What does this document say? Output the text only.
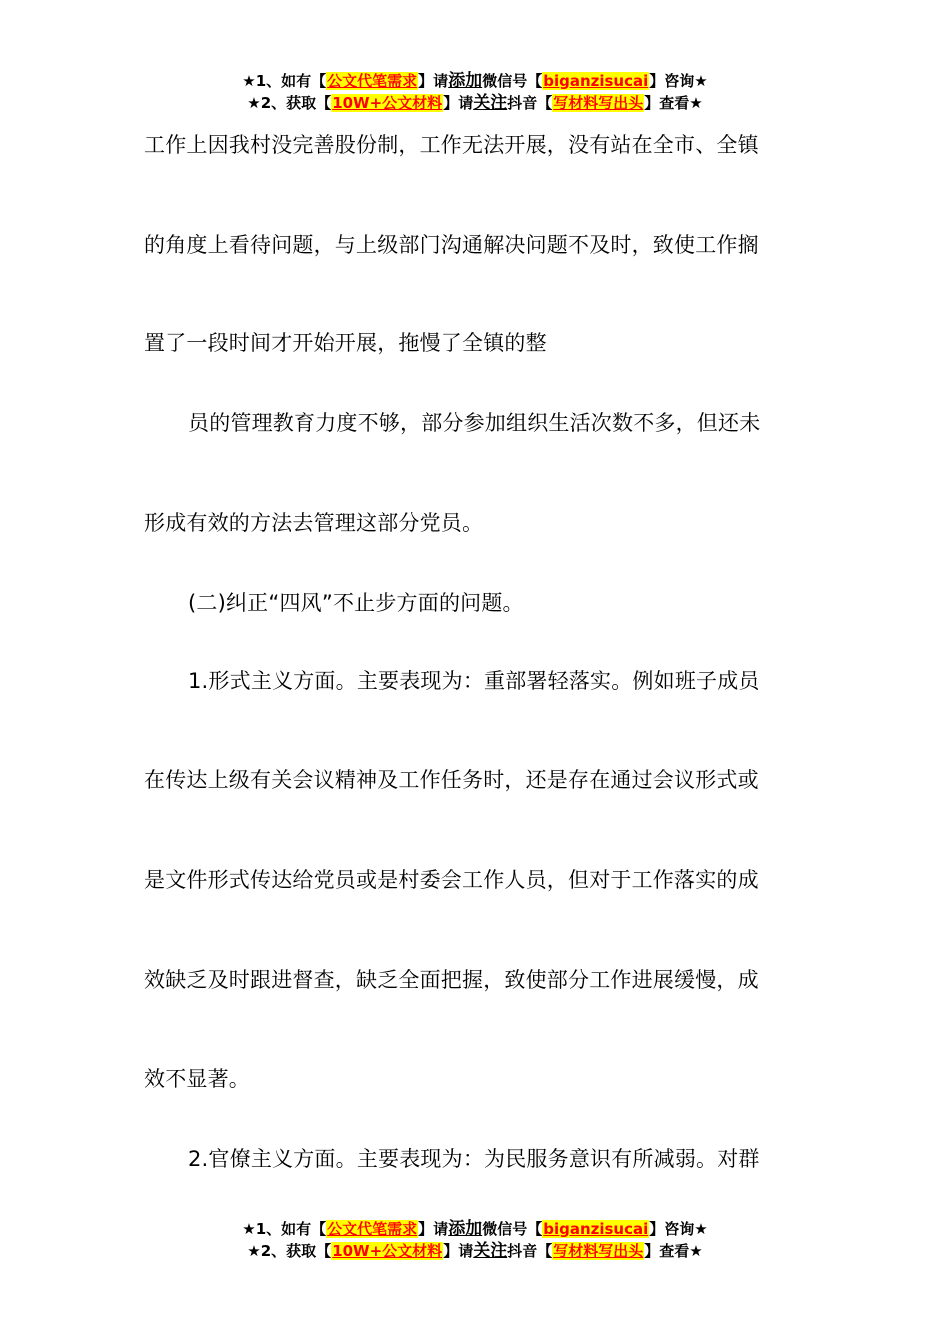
★1、如有【公文代笔需求】请添加微信号【biganzisucai】咨询★
★2、获取【10W+公文材料】请关注抖音【写材料写出头】查看★
工作上因我村没完善股份制，工作无法开展，没有站在全市、全镇
的角度上看待问题，与上级部门沟通解决问题不及时，致使工作搁
置了一段时间才开始开展，拖慢了全镇的整
员的管理教育力度不够，部分参加组织生活次数不多，但还未
形成有效的方法去管理这部分党员。
(二)纠正“四风”不止步方面的问题。
1.形式主义方面。主要表现为：重部署轻落实。例如班子成员
在传达上级有关会议精神及工作任务时，还是存在通过会议形式或
是文件形式传达给党员或是村委会工作人员，但对于工作落实的成
效缺乏及时跟进督查，缺乏全面把握，致使部分工作进展缓慢，成
效不显著。
2.官僚主义方面。主要表现为：为民服务意识有所减弱。对群
★1、如有【公文代笔需求】请添加微信号【biganzisucai】咨询★
★2、获取【10W+公文材料】请关注抖音【写材料写出头】查看★
